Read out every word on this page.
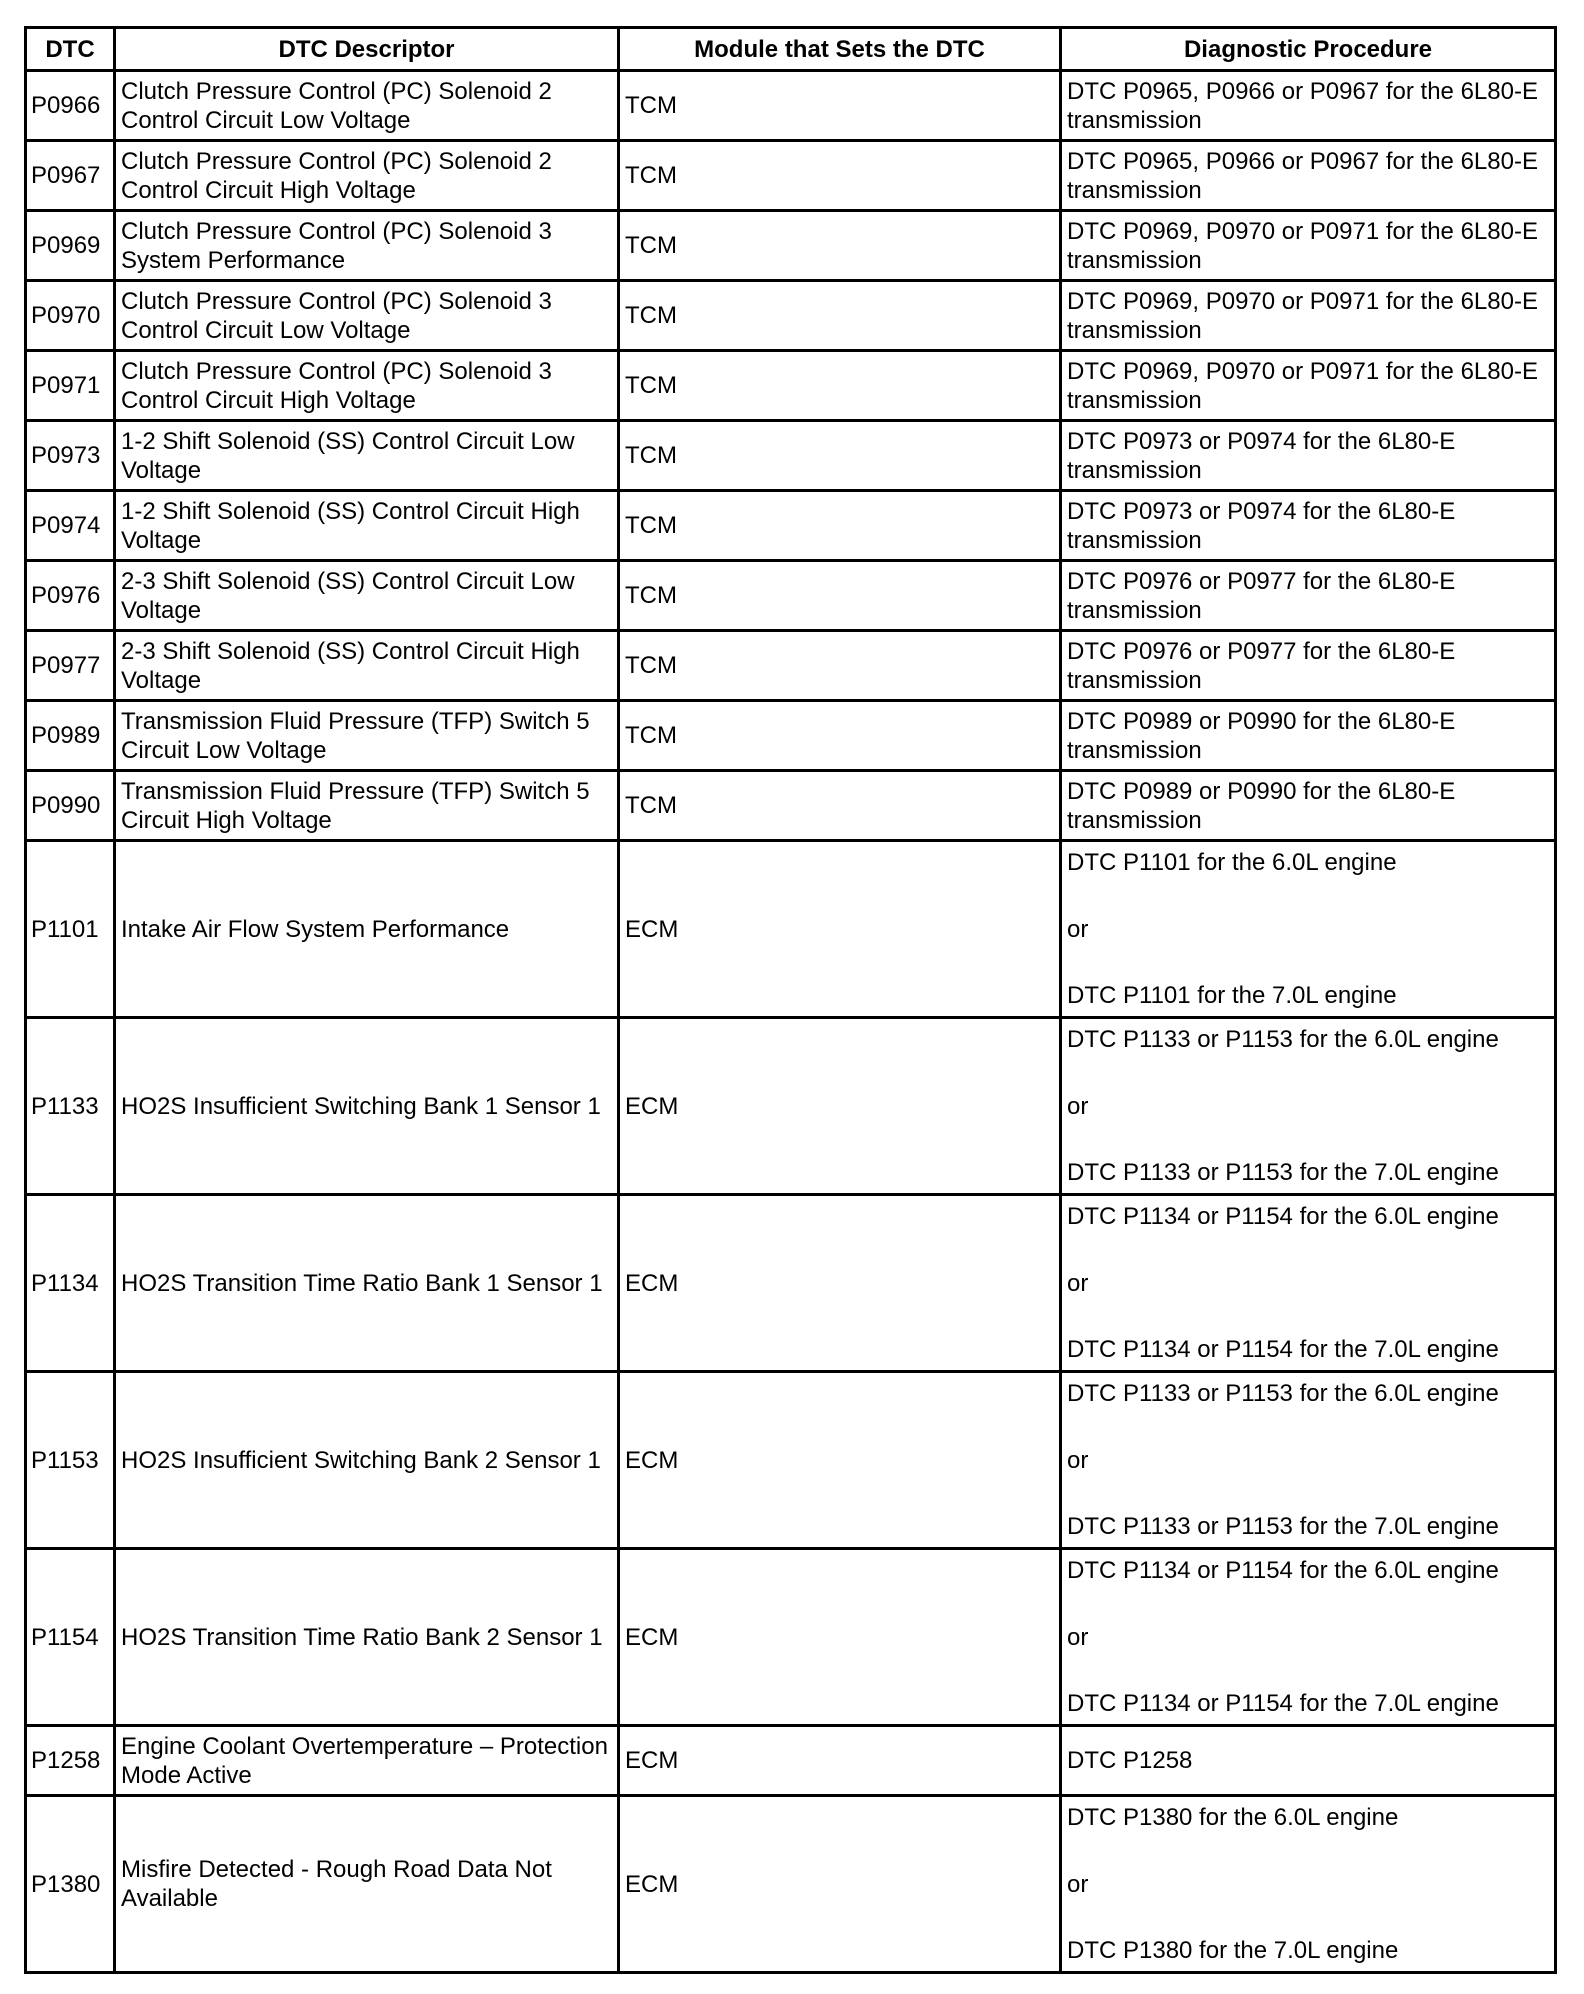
DTC	DTC Descriptor	Module that Sets the DTC	Diagnostic Procedure
P0966	Clutch Pressure Control (PC) Solenoid 2 Control Circuit Low Voltage	TCM	DTC P0965, P0966 or P0967 for the 6L80-E transmission

P0967	Clutch Pressure Control (PC) Solenoid 2 Control Circuit High Voltage	TCM	DTC P0965, P0966 or P0967 for the 6L80-E transmission

P0969	Clutch Pressure Control (PC) Solenoid 3 System Performance	TCM	DTC P0969, P0970 or P0971 for the 6L80-E transmission

P0970	Clutch Pressure Control (PC) Solenoid 3 Control Circuit Low Voltage	TCM	DTC P0969, P0970 or P0971 for the 6L80-E transmission

P0971	Clutch Pressure Control (PC) Solenoid 3 Control Circuit High Voltage	TCM	DTC P0969, P0970 or P0971 for the 6L80-E transmission

P0973	1-2 Shift Solenoid (SS) Control Circuit Low Voltage	TCM	DTC P0973 or P0974 for the 6L80-E transmission

P0974	1-2 Shift Solenoid (SS) Control Circuit High Voltage	TCM	DTC P0973 or P0974 for the 6L80-E transmission

P0976	2-3 Shift Solenoid (SS) Control Circuit Low Voltage	TCM	DTC P0976 or P0977 for the 6L80-E transmission

P0977	2-3 Shift Solenoid (SS) Control Circuit High Voltage	TCM	DTC P0976 or P0977 for the 6L80-E transmission

P0989	Transmission Fluid Pressure (TFP) Switch 5 Circuit Low Voltage	TCM	DTC P0989 or P0990 for the 6L80-E transmission

P0990	Transmission Fluid Pressure (TFP) Switch 5 Circuit High Voltage	TCM	DTC P0989 or P0990 for the 6L80-E transmission

P1101	Intake Air Flow System Performance	ECM	DTC P1101 for the 6.0L engine
or
DTC P1101 for the 7.0L engine

P1133	HO2S Insufficient Switching Bank 1 Sensor 1	ECM	DTC P1133 or P1153 for the 6.0L engine
or
DTC P1133 or P1153 for the 7.0L engine

P1134	HO2S Transition Time Ratio Bank 1 Sensor 1	ECM	DTC P1134 or P1154 for the 6.0L engine
or
DTC P1134 or P1154 for the 7.0L engine

P1153	HO2S Insufficient Switching Bank 2 Sensor 1	ECM	DTC P1133 or P1153 for the 6.0L engine
or
DTC P1133 or P1153 for the 7.0L engine

P1154	HO2S Transition Time Ratio Bank 2 Sensor 1	ECM	DTC P1134 or P1154 for the 6.0L engine
or
DTC P1134 or P1154 for the 7.0L engine

P1258	Engine Coolant Overtemperature – Protection Mode Active	ECM	DTC P1258

P1380	Misfire Detected - Rough Road Data Not Available	ECM	DTC P1380 for the 6.0L engine
or
DTC P1380 for the 7.0L engine
